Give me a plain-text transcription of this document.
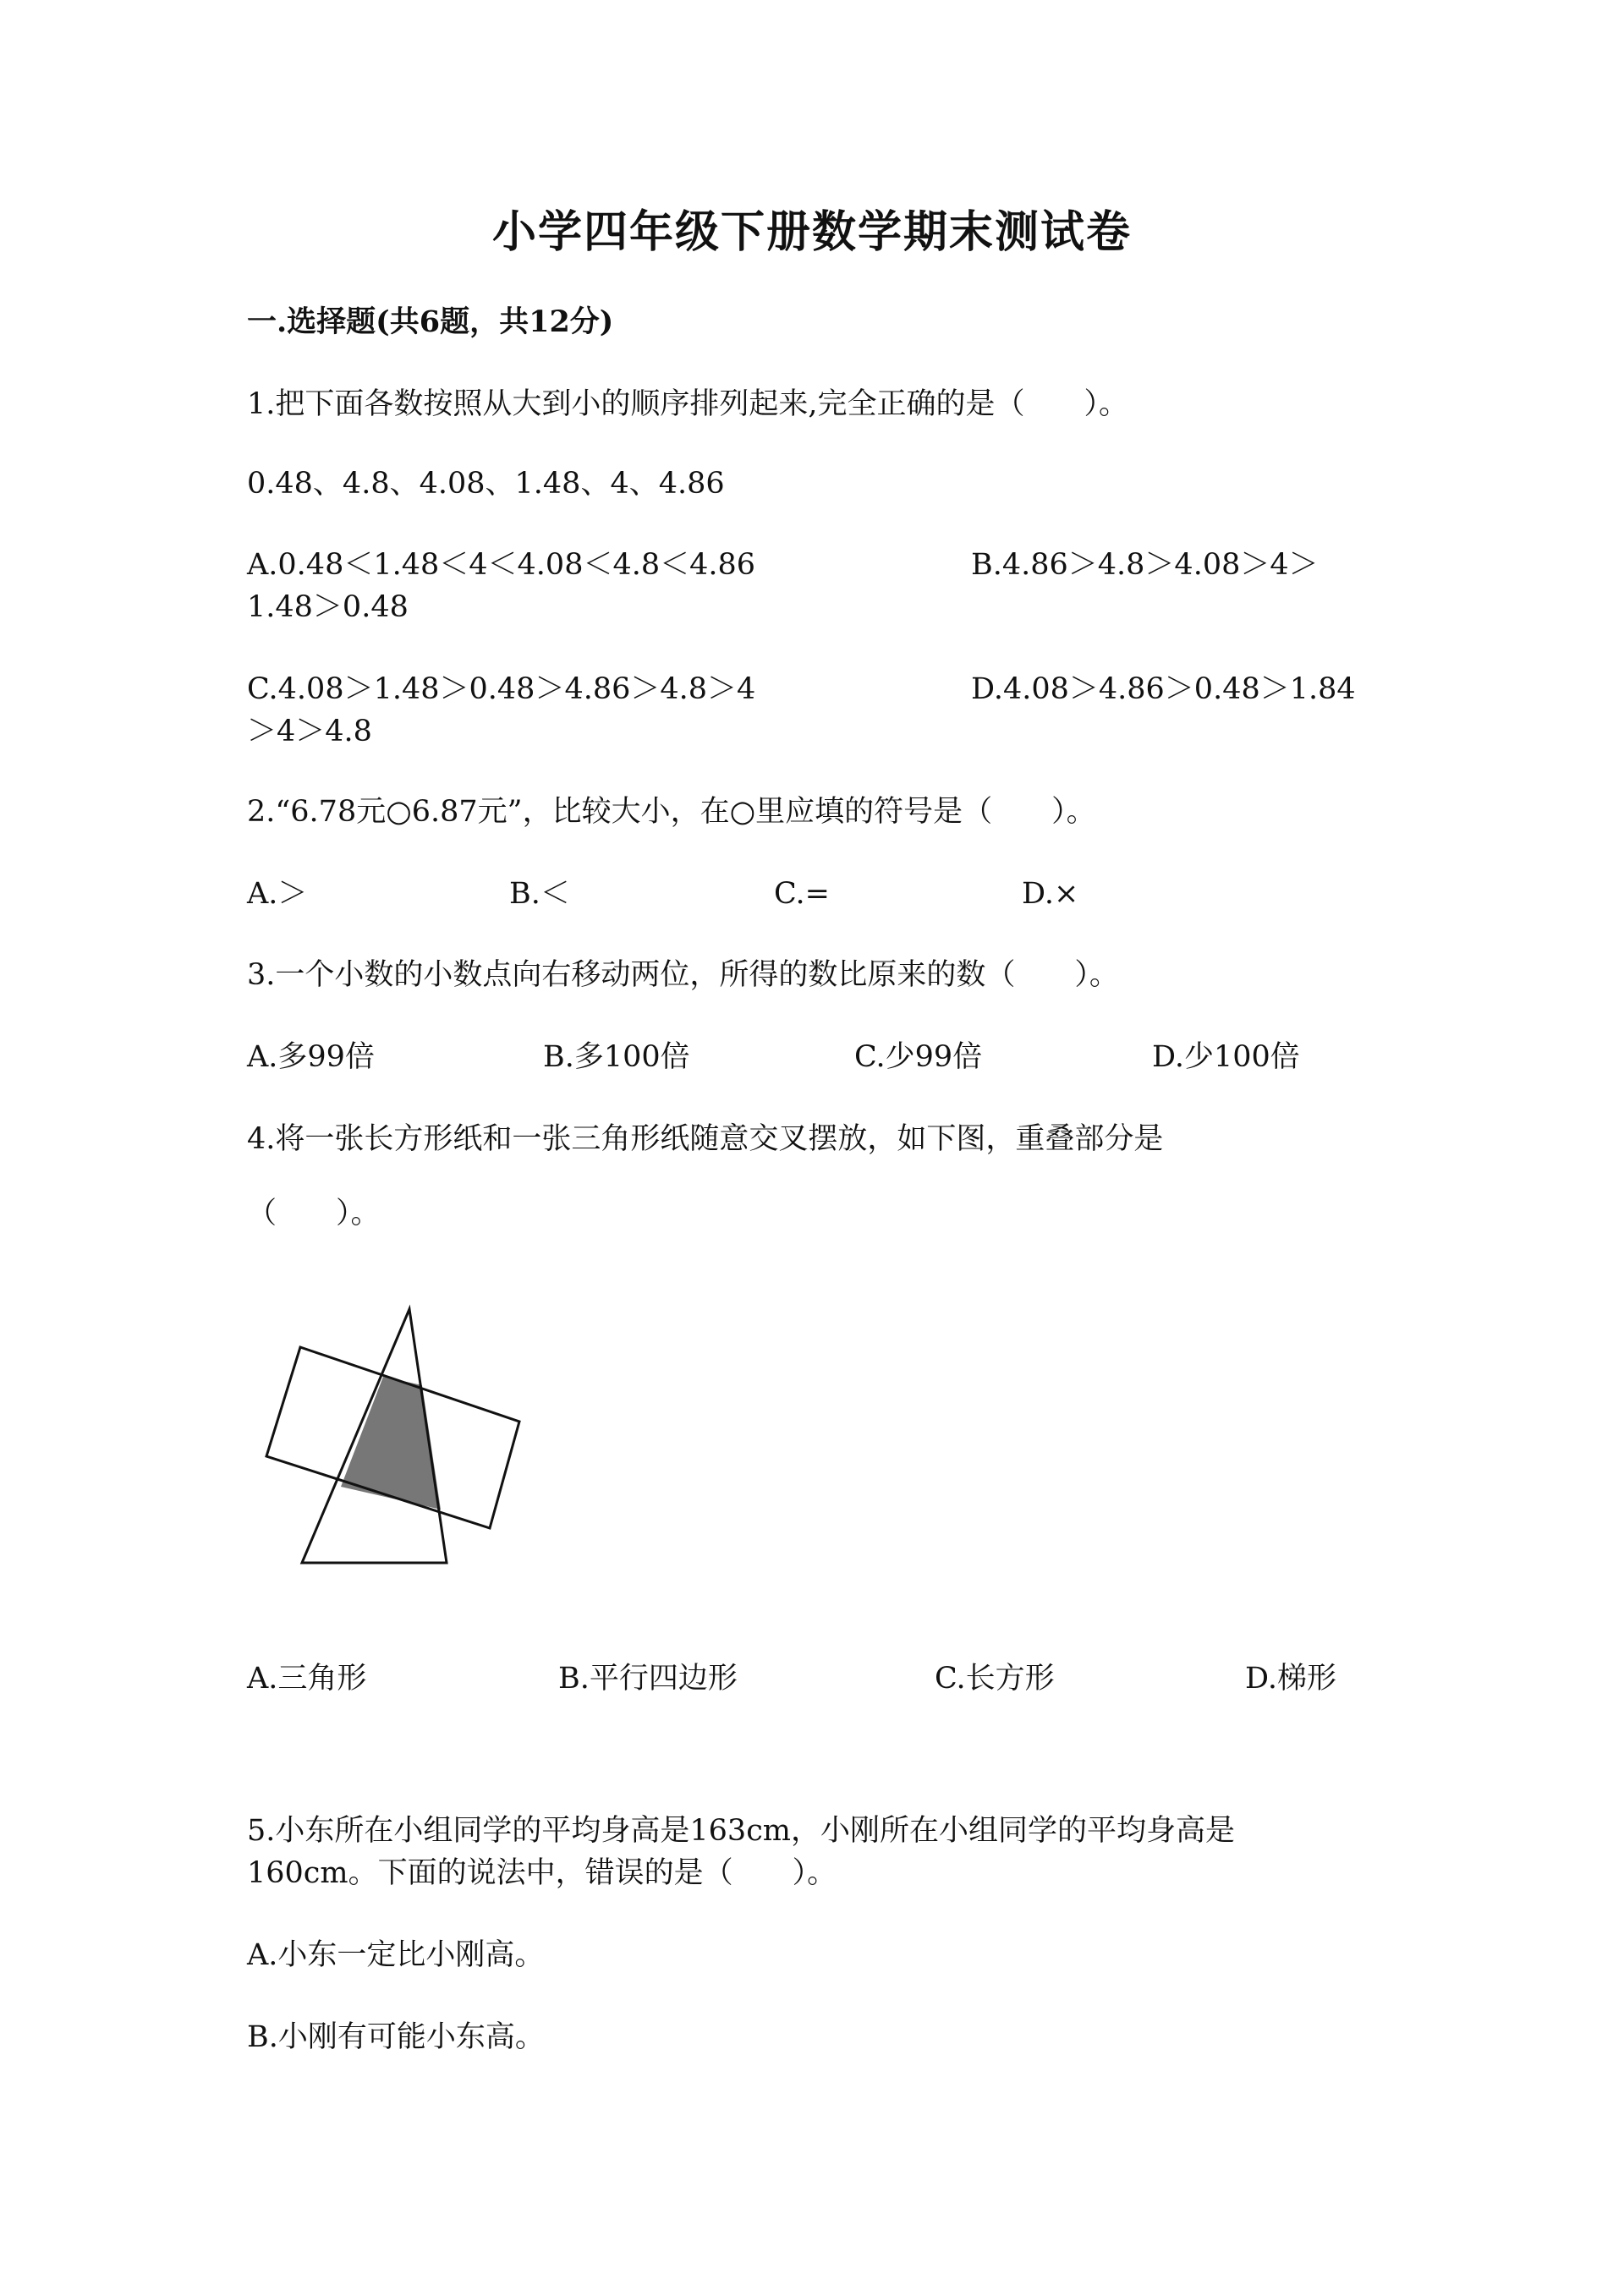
小学四年级下册数学期末测试卷
一.选择题(共6题，共12分)
1.把下面各数按照从大到小的顺序排列起来,完全正确的是（　　）。
0.48、4.8、4.08、1.48、4、4.86
A.0.48＜1.48＜4＜4.08＜4.8＜4.86	B.4.86＞4.8＞4.08＞4＞
1.48＞0.48
C.4.08＞1.48＞0.48＞4.86＞4.8＞4	D.4.08＞4.86＞0.48＞1.84
＞4＞4.8
2.“6.78元○6.87元”，比较大小，在○里应填的符号是（　　）。
A.＞	B.＜	C.=	D.×
3.一个小数的小数点向右移动两位，所得的数比原来的数（　　）。
A.多99倍	B.多100倍	C.少99倍	D.少100倍
4.将一张长方形纸和一张三角形纸随意交叉摆放，如下图，重叠部分是
（　　）。
A.三角形	B.平行四边形	C.长方形	D.梯形
5.小东所在小组同学的平均身高是163cm，小刚所在小组同学的平均身高是
160cm。下面的说法中，错误的是（　　）。
A.小东一定比小刚高。
B.小刚有可能小东高。
